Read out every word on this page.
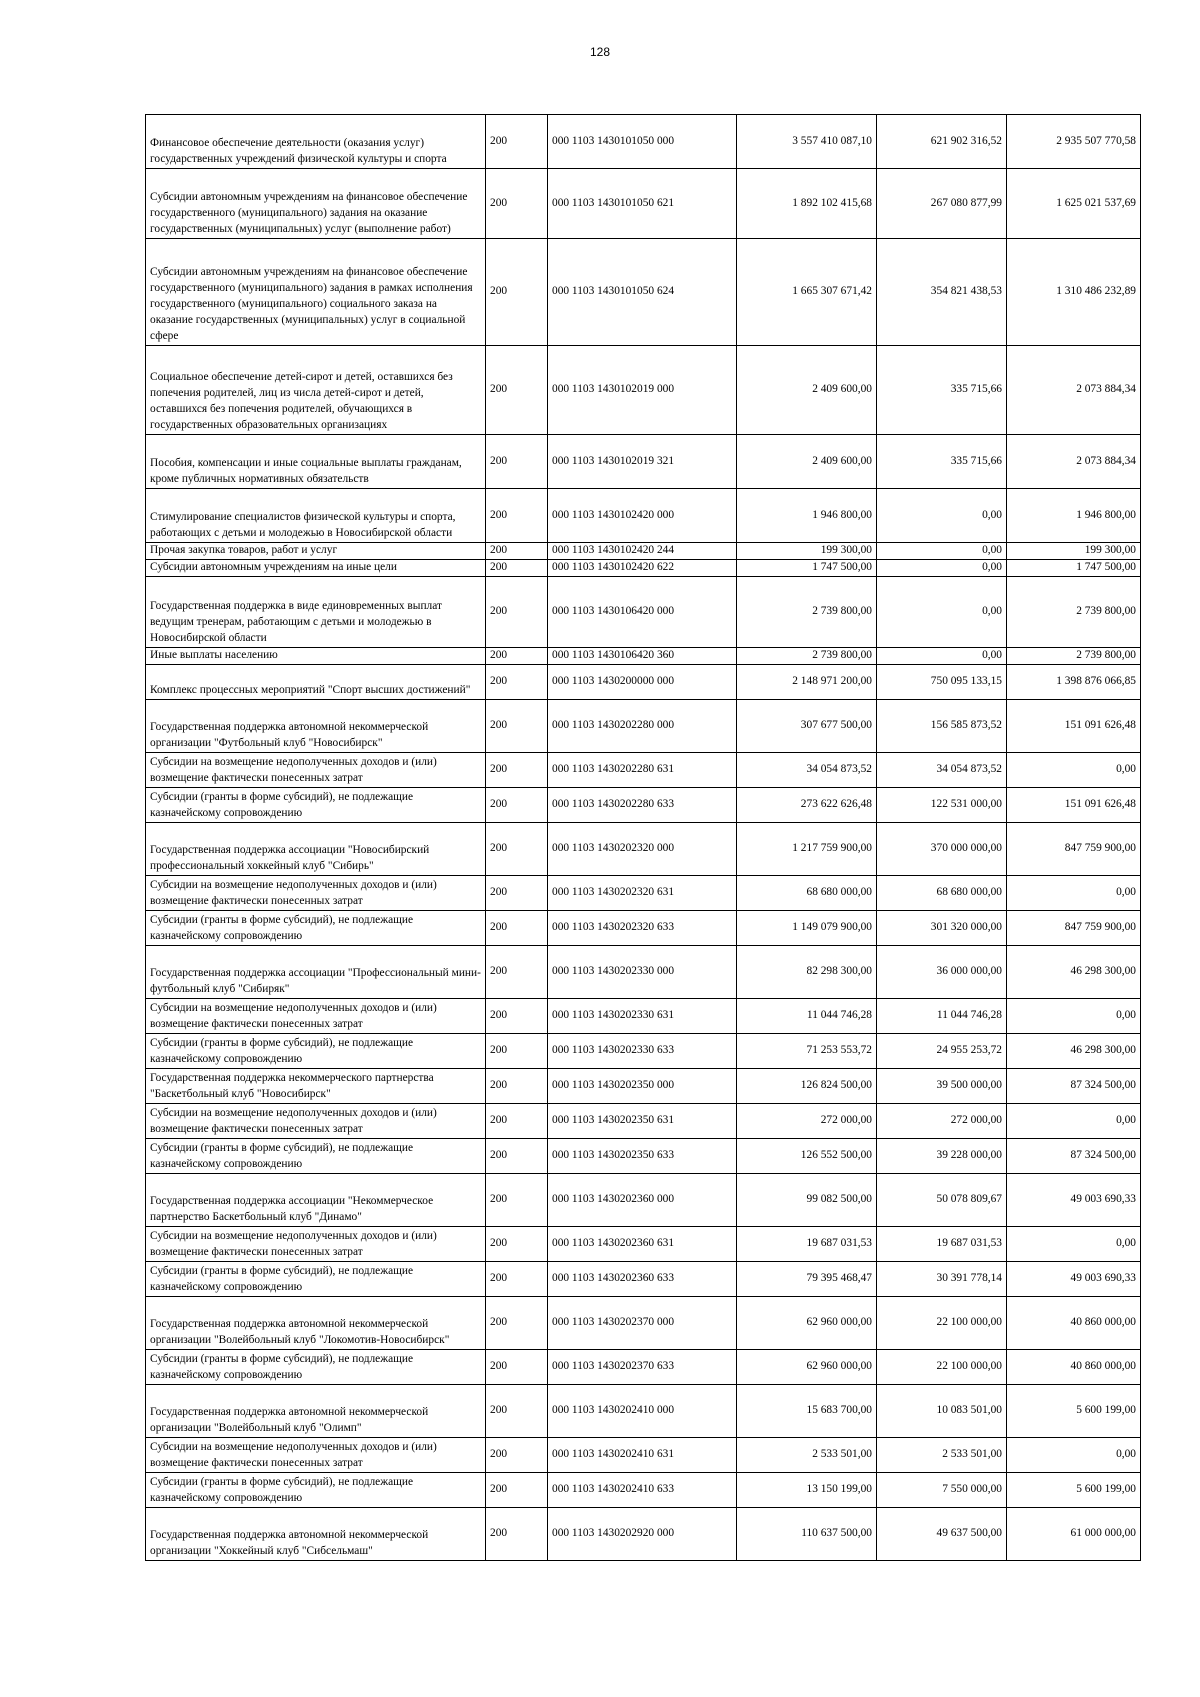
128
Финансовое обеспечение деятельности (оказания услуг) государственных учреждений физической культуры и спорта	200	000 1103 1430101050 000	3 557 410 087,10	621 902 316,52	2 935 507 770,58
Субсидии автономным учреждениям на финансовое обеспечение государственного (муниципального) задания на оказание государственных (муниципальных) услуг (выполнение работ)	200	000 1103 1430101050 621	1 892 102 415,68	267 080 877,99	1 625 021 537,69
Субсидии автономным учреждениям на финансовое обеспечение государственного (муниципального) задания в рамках исполнения государственного (муниципального) социального заказа на оказание государственных (муниципальных) услуг в социальной сфере	200	000 1103 1430101050 624	1 665 307 671,42	354 821 438,53	1 310 486 232,89
Социальное обеспечение детей-сирот и детей, оставшихся без попечения родителей, лиц из числа детей-сирот и детей, оставшихся без попечения родителей, обучающихся в государственных образовательных организациях	200	000 1103 1430102019 000	2 409 600,00	335 715,66	2 073 884,34
Пособия, компенсации и иные социальные выплаты гражданам, кроме публичных нормативных обязательств	200	000 1103 1430102019 321	2 409 600,00	335 715,66	2 073 884,34
Стимулирование специалистов физической культуры и спорта, работающих с детьми и молодежью в Новосибирской области	200	000 1103 1430102420 000	1 946 800,00	0,00	1 946 800,00
Прочая закупка товаров, работ и услуг	200	000 1103 1430102420 244	199 300,00	0,00	199 300,00
Субсидии автономным учреждениям на иные цели	200	000 1103 1430102420 622	1 747 500,00	0,00	1 747 500,00
Государственная поддержка в виде единовременных выплат ведущим тренерам, работающим с детьми и молодежью в Новосибирской области	200	000 1103 1430106420 000	2 739 800,00	0,00	2 739 800,00
Иные выплаты населению	200	000 1103 1430106420 360	2 739 800,00	0,00	2 739 800,00
Комплекс процессных мероприятий "Спорт высших достижений"	200	000 1103 1430200000 000	2 148 971 200,00	750 095 133,15	1 398 876 066,85
Государственная поддержка автономной некоммерческой организации "Футбольный клуб "Новосибирск"	200	000 1103 1430202280 000	307 677 500,00	156 585 873,52	151 091 626,48
Субсидии на возмещение недополученных доходов и (или) возмещение фактически понесенных затрат	200	000 1103 1430202280 631	34 054 873,52	34 054 873,52	0,00
Субсидии (гранты в форме субсидий), не подлежащие казначейскому сопровождению	200	000 1103 1430202280 633	273 622 626,48	122 531 000,00	151 091 626,48
Государственная поддержка ассоциации "Новосибирский профессиональный хоккейный клуб "Сибирь"	200	000 1103 1430202320 000	1 217 759 900,00	370 000 000,00	847 759 900,00
Субсидии на возмещение недополученных доходов и (или) возмещение фактически понесенных затрат	200	000 1103 1430202320 631	68 680 000,00	68 680 000,00	0,00
Субсидии (гранты в форме субсидий), не подлежащие казначейскому сопровождению	200	000 1103 1430202320 633	1 149 079 900,00	301 320 000,00	847 759 900,00
Государственная поддержка ассоциации "Профессиональный мини-футбольный клуб "Сибиряк"	200	000 1103 1430202330 000	82 298 300,00	36 000 000,00	46 298 300,00
Субсидии на возмещение недополученных доходов и (или) возмещение фактически понесенных затрат	200	000 1103 1430202330 631	11 044 746,28	11 044 746,28	0,00
Субсидии (гранты в форме субсидий), не подлежащие казначейскому сопровождению	200	000 1103 1430202330 633	71 253 553,72	24 955 253,72	46 298 300,00
Государственная поддержка некоммерческого партнерства "Баскетбольный клуб "Новосибирск"	200	000 1103 1430202350 000	126 824 500,00	39 500 000,00	87 324 500,00
Субсидии на возмещение недополученных доходов и (или) возмещение фактически понесенных затрат	200	000 1103 1430202350 631	272 000,00	272 000,00	0,00
Субсидии (гранты в форме субсидий), не подлежащие казначейскому сопровождению	200	000 1103 1430202350 633	126 552 500,00	39 228 000,00	87 324 500,00
Государственная поддержка ассоциации "Некоммерческое партнерство Баскетбольный клуб "Динамо"	200	000 1103 1430202360 000	99 082 500,00	50 078 809,67	49 003 690,33
Субсидии на возмещение недополученных доходов и (или) возмещение фактически понесенных затрат	200	000 1103 1430202360 631	19 687 031,53	19 687 031,53	0,00
Субсидии (гранты в форме субсидий), не подлежащие казначейскому сопровождению	200	000 1103 1430202360 633	79 395 468,47	30 391 778,14	49 003 690,33
Государственная поддержка автономной некоммерческой организации "Волейбольный клуб "Локомотив-Новосибирск"	200	000 1103 1430202370 000	62 960 000,00	22 100 000,00	40 860 000,00
Субсидии (гранты в форме субсидий), не подлежащие казначейскому сопровождению	200	000 1103 1430202370 633	62 960 000,00	22 100 000,00	40 860 000,00
Государственная поддержка автономной некоммерческой организации "Волейбольный клуб "Олимп"	200	000 1103 1430202410 000	15 683 700,00	10 083 501,00	5 600 199,00
Субсидии на возмещение недополученных доходов и (или) возмещение фактически понесенных затрат	200	000 1103 1430202410 631	2 533 501,00	2 533 501,00	0,00
Субсидии (гранты в форме субсидий), не подлежащие казначейскому сопровождению	200	000 1103 1430202410 633	13 150 199,00	7 550 000,00	5 600 199,00
Государственная поддержка автономной некоммерческой организации "Хоккейный клуб "Сибсельмаш"	200	000 1103 1430202920 000	110 637 500,00	49 637 500,00	61 000 000,00
